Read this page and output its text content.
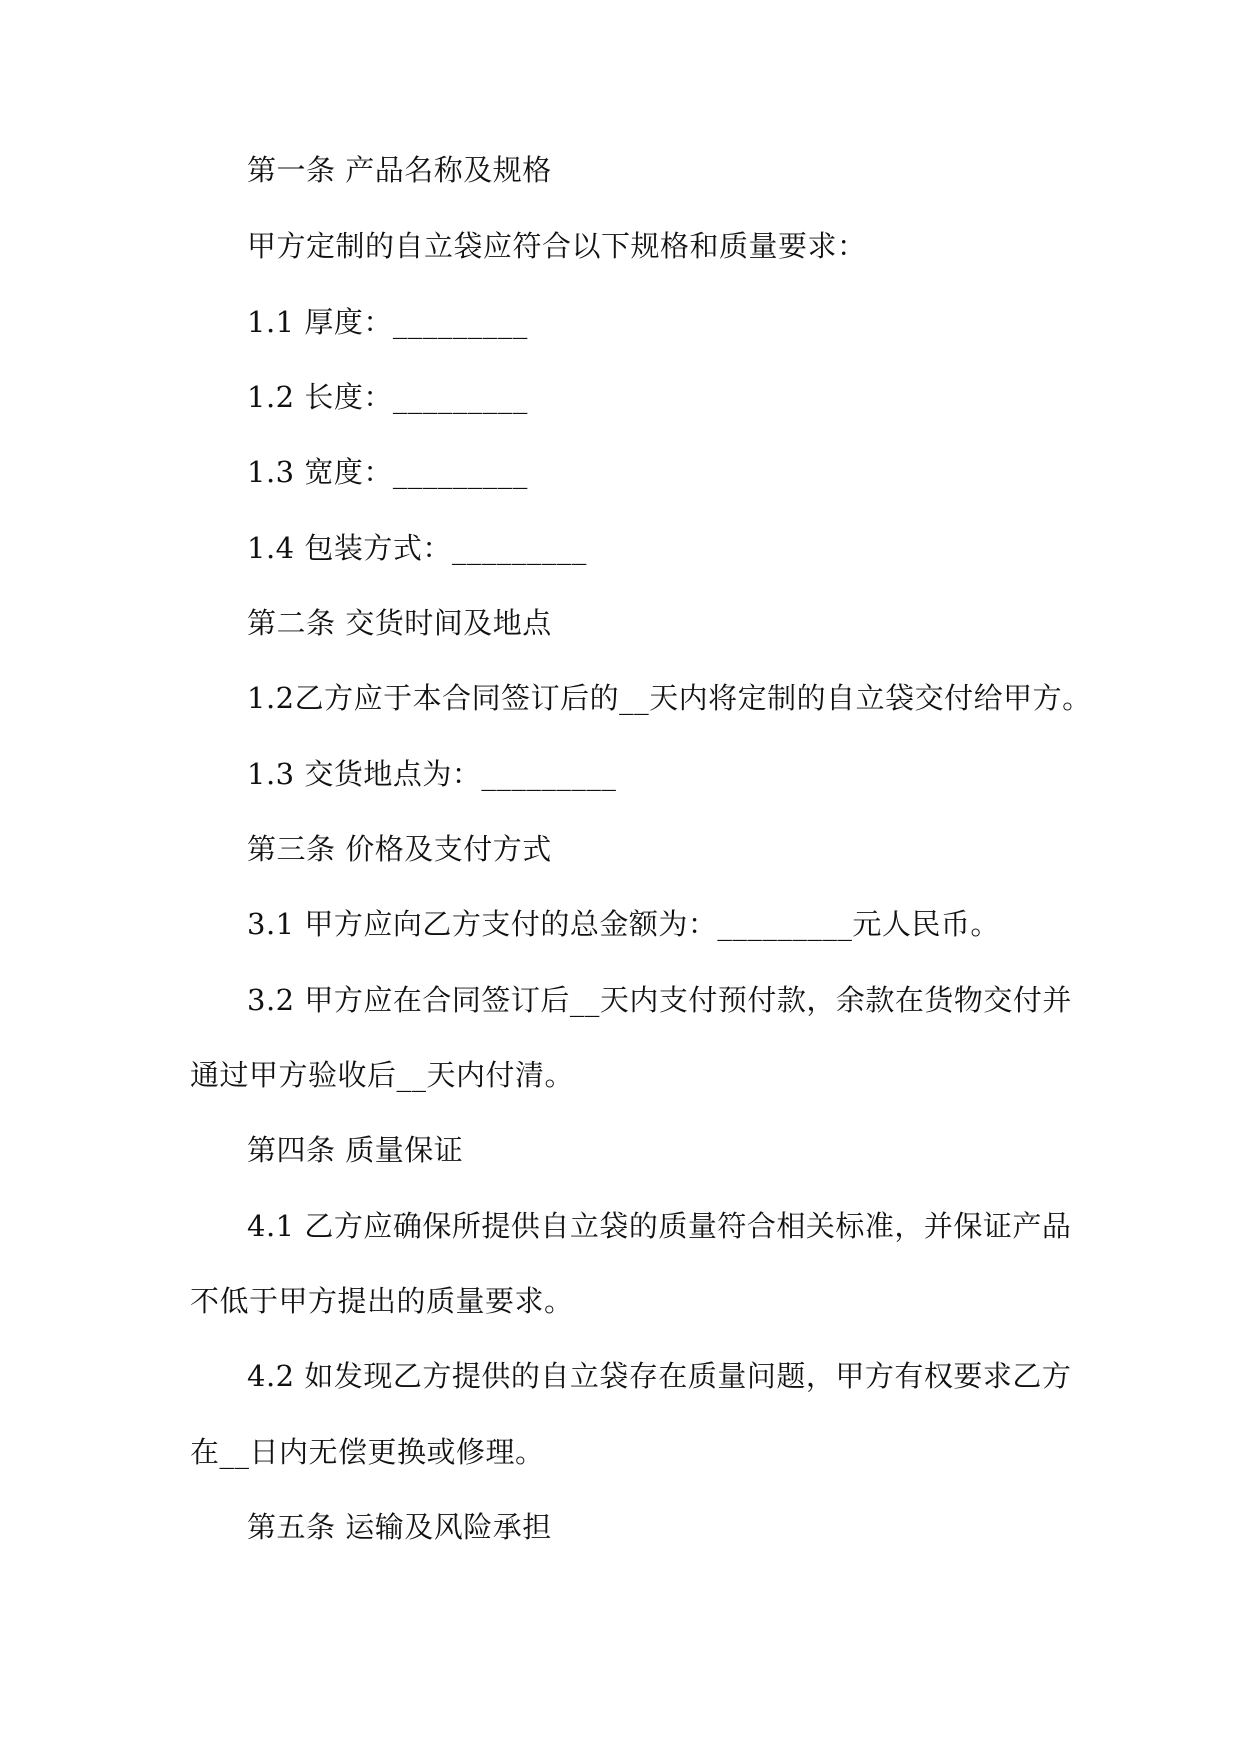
第一条 产品名称及规格
甲方定制的自立袋应符合以下规格和质量要求：
1.1 厚度：_________
1.2 长度：_________
1.3 宽度：_________
1.4 包装方式：_________
第二条 交货时间及地点
1.2乙方应于本合同签订后的__天内将定制的自立袋交付给甲方。
1.3 交货地点为：_________
第三条 价格及支付方式
3.1 甲方应向乙方支付的总金额为：_________元人民币。
3.2 甲方应在合同签订后__天内支付预付款，余款在货物交付并
通过甲方验收后__天内付清。
第四条 质量保证
4.1 乙方应确保所提供自立袋的质量符合相关标准，并保证产品
不低于甲方提出的质量要求。
4.2 如发现乙方提供的自立袋存在质量问题，甲方有权要求乙方
在__日内无偿更换或修理。
第五条 运输及风险承担
